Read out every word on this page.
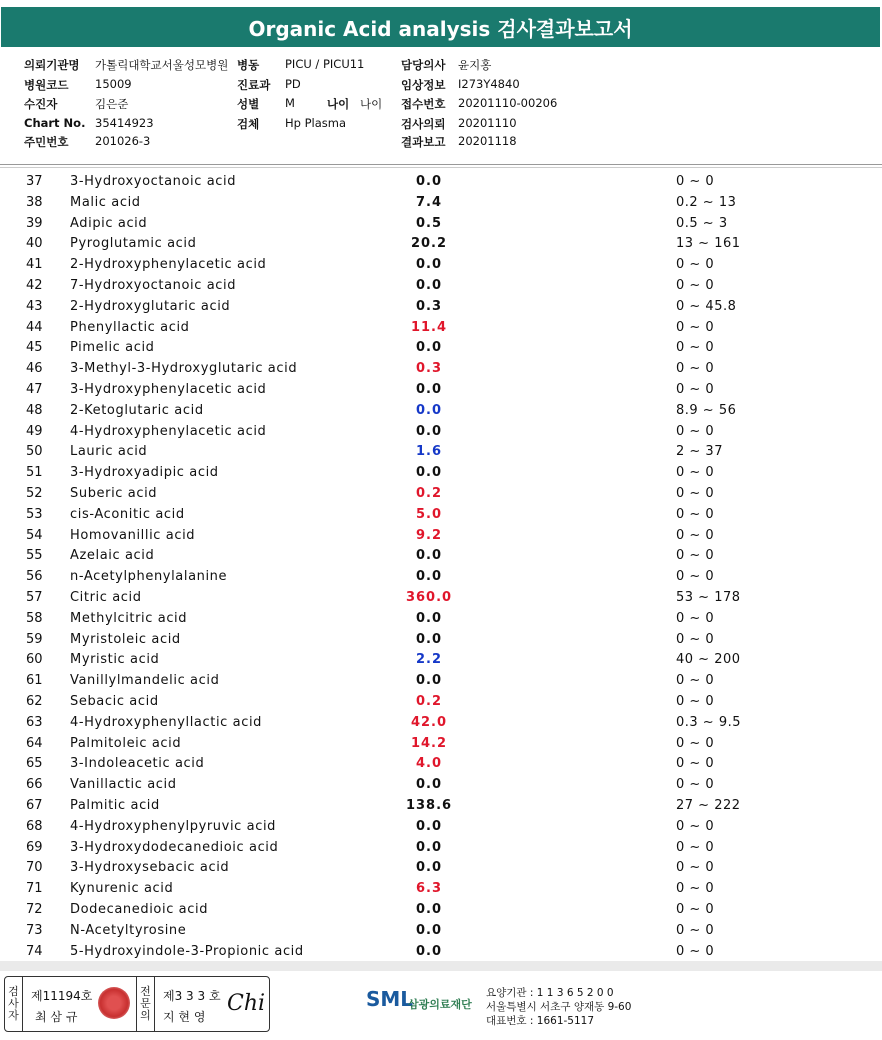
Organic Acid analysis 검사결과보고서
의뢰기관명 가톨릭대학교서울성모병원 병동 PICU / PICU11	담당의사 윤지홍
병원코드 15009	진료과 PD	임상정보 I273Y4840
수진자	김은준	성별 M	나이 나이 접수번호 20201110-00206
Chart No. 35414923	검체 Hp Plasma	검사의뢰 20201110
주민번호 201026-3	결과보고 20201118
37 3-Hydroxyoctanoic acid	0.0	0 ~ 0
38 Malic acid	7.4	0.2 ~ 13
39 Adipic acid	0.5	0.5 ~ 3
40 Pyroglutamic acid	20.2	13 ~ 161
41 2-Hydroxyphenylacetic acid	0.0	0 ~ 0
42 7-Hydroxyoctanoic acid	0.0	0 ~ 0
43 2-Hydroxyglutaric acid	0.3	0 ~ 45.8
44 Phenyllactic acid	11.4	0 ~ 0
45 Pimelic acid	0.0	0 ~ 0
46 3-Methyl-3-Hydroxyglutaric acid	0.3	0 ~ 0
47 3-Hydroxyphenylacetic acid	0.0	0 ~ 0
48 2-Ketoglutaric acid	0.0	8.9 ~ 56
49 4-Hydroxyphenylacetic acid	0.0	0 ~ 0
50 Lauric acid	1.6	2 ~ 37
51 3-Hydroxyadipic acid	0.0	0 ~ 0
52 Suberic acid	0.2	0 ~ 0
53 cis-Aconitic acid	5.0	0 ~ 0
54 Homovanillic acid	9.2	0 ~ 0
55 Azelaic acid	0.0	0 ~ 0
56 n-Acetylphenylalanine	0.0	0 ~ 0
57 Citric acid	360.0	53 ~ 178
58 Methylcitric acid	0.0	0 ~ 0
59 Myristoleic acid	0.0	0 ~ 0
60 Myristic acid	2.2	40 ~ 200
61 Vanillylmandelic acid	0.0	0 ~ 0
62 Sebacic acid	0.2	0 ~ 0
63 4-Hydroxyphenyllactic acid	42.0	0.3 ~ 9.5
64 Palmitoleic acid	14.2	0 ~ 0
65 3-Indoleacetic acid	4.0	0 ~ 0
66 Vanillactic acid	0.0	0 ~ 0
67 Palmitic acid	138.6	27 ~ 222
68 4-Hydroxyphenylpyruvic acid	0.0	0 ~ 0
69 3-Hydroxydodecanedioic acid	0.0	0 ~ 0
70 3-Hydroxysebacic acid	0.0	0 ~ 0
71 Kynurenic acid	6.3	0 ~ 0
72 Dodecanedioic acid	0.0	0 ~ 0
73 N-Acetyltyrosine	0.0	0 ~ 0
74 5-Hydroxyindole-3-Propionic acid	0.0	0 ~ 0
검
사
자
제11194호
최 삼 규
전
문
의
제3 3 3 호
지 현 영
Chi	SML
삼광의료재단
요양기관 : 1 1 3 6 5 2 0 0
서울특별시 서초구 양재동 9-60
대표번호 : 1661-5117
